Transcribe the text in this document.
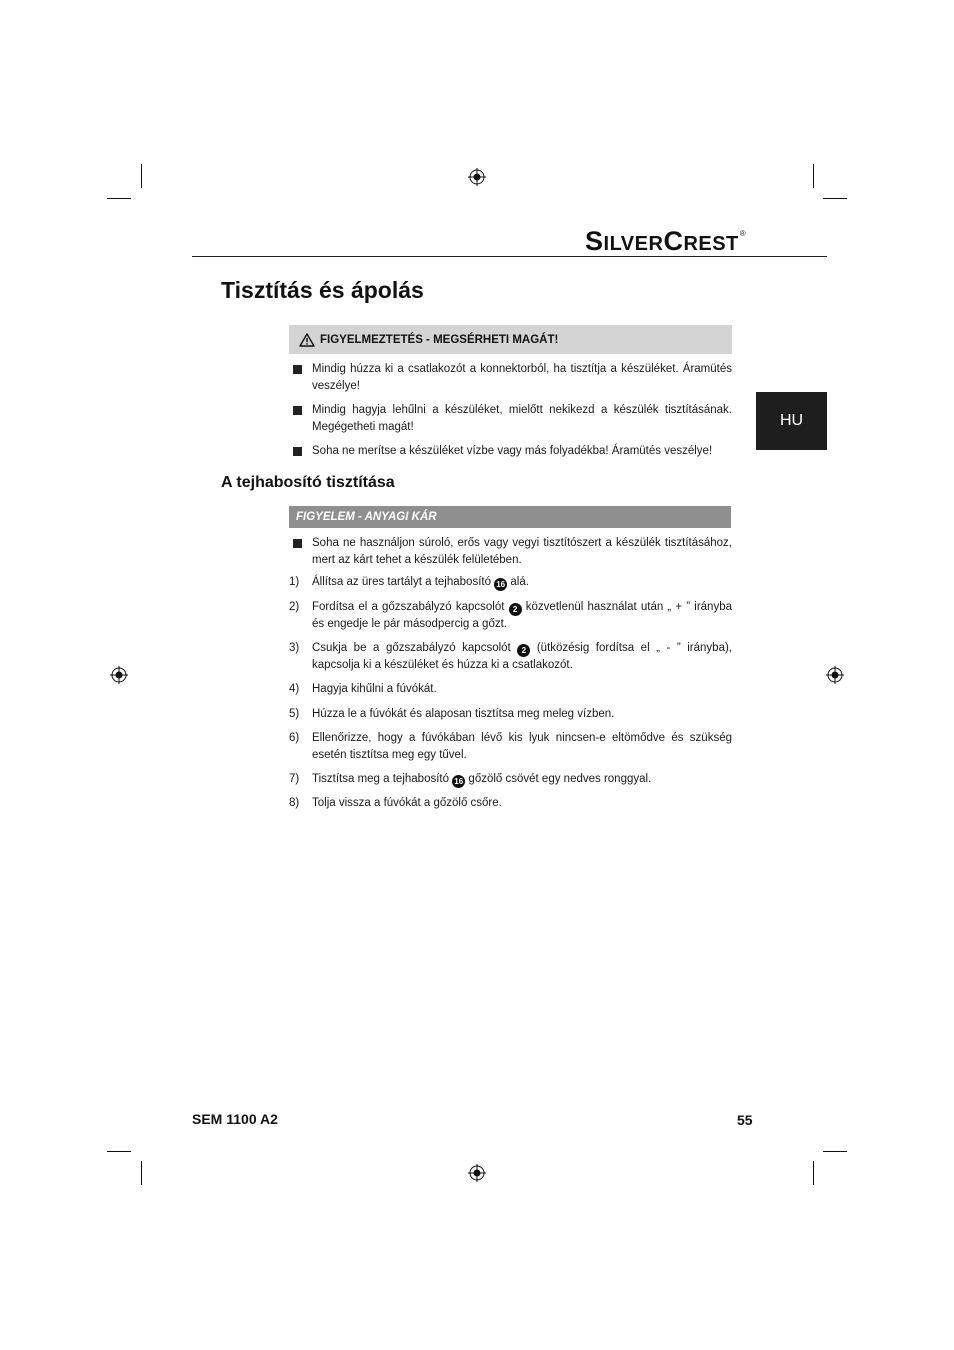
SILVERCREST®
Tisztítás és ápolás
HU
FIGYELMEZTETÉS - MEGSÉRHETI MAGÁT!
Mindig húzza ki a csatlakozót a konnektorból, ha tisztítja a készüléket. Áramütés veszélye!
Mindig hagyja lehűlni a készüléket, mielőtt nekikezd a készülék tisztításának. Megégetheti magát!
Soha ne merítse a készüléket vízbe vagy más folyadékba! Áramütés veszélye!
A tejhabosító tisztítása
FIGYELEM - ANYAGI KÁR
Soha ne használjon súroló, erős vagy vegyi tisztítószert a készülék tisztításához, mert az kárt tehet a készülék felületében.
1)	Állítsa az üres tartályt a tejhabosító 16 alá.
2)	Fordítsa el a gőzszabályzó kapcsolót 2 közvetlenül használat után „ + ” irányba és engedje le pár másodpercig a gőzt.
3)	Csukja be a gőzszabályzó kapcsolót 2 (ütközésig fordítsa el „ - ” irányba), kapcsolja ki a készüléket és húzza ki a csatlakozót.
4)	Hagyja kihűlni a fúvókát.
5)	Húzza le a fúvókát és alaposan tisztítsa meg meleg vízben.
6)	Ellenőrizze, hogy a fúvókában lévő kis lyuk nincsen-e eltömődve és szükség esetén tisztítsa meg egy tűvel.
7)	Tisztítsa meg a tejhabosító 16 gőzölő csövét egy nedves ronggyal.
8)	Tolja vissza a fúvókát a gőzölő csőre.
SEM 1100 A2	55
